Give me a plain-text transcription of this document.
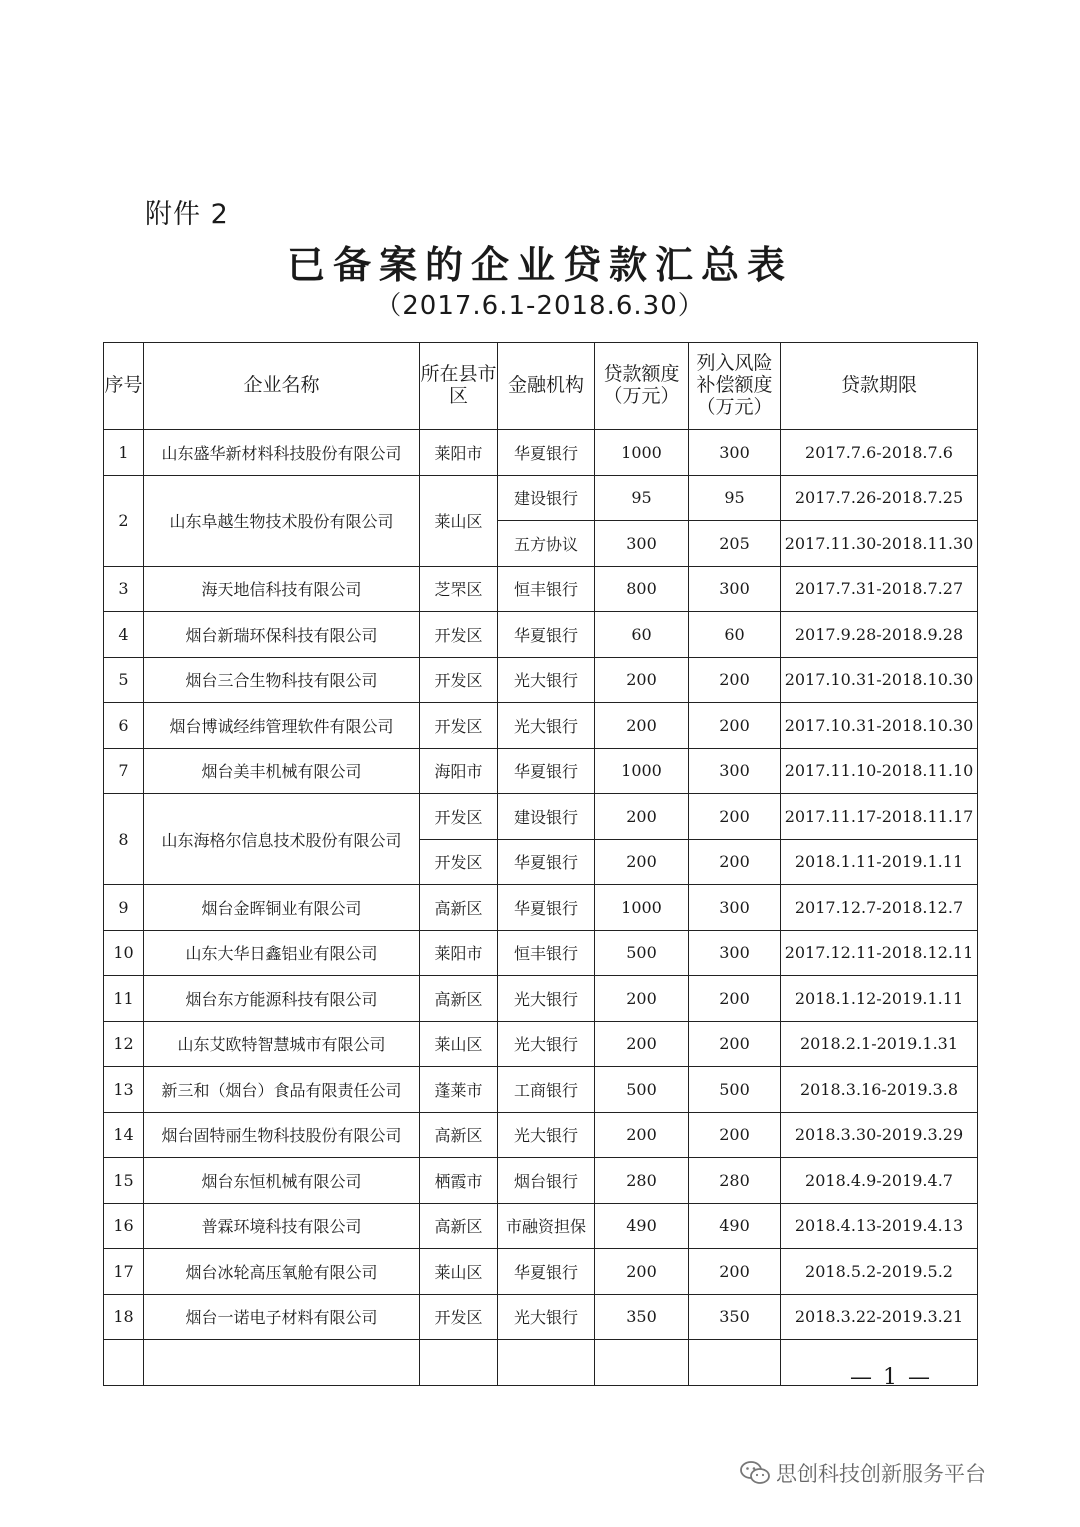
附件 2
已备案的企业贷款汇总表
（2017.6.1-2018.6.30）
序号	企业名称	所在县市区	金融机构	贷款额度（万元）	列入风险补偿额度（万元）	贷款期限
1	山东盛华新材料科技股份有限公司	莱阳市	华夏银行	1000	300	2017.7.6-2018.7.6
2	山东阜越生物技术股份有限公司	莱山区	建设银行	95	95	2017.7.26-2018.7.25
			五方协议	300	205	2017.11.30-2018.11.30
3	海天地信科技有限公司	芝罘区	恒丰银行	800	300	2017.7.31-2018.7.27
4	烟台新瑞环保科技有限公司	开发区	华夏银行	60	60	2017.9.28-2018.9.28
5	烟台三合生物科技有限公司	开发区	光大银行	200	200	2017.10.31-2018.10.30
6	烟台博诚经纬管理软件有限公司	开发区	光大银行	200	200	2017.10.31-2018.10.30
7	烟台美丰机械有限公司	海阳市	华夏银行	1000	300	2017.11.10-2018.11.10
8	山东海格尔信息技术股份有限公司	开发区	建设银行	200	200	2017.11.17-2018.11.17
		开发区	华夏银行	200	200	2018.1.11-2019.1.11
9	烟台金晖铜业有限公司	高新区	华夏银行	1000	300	2017.12.7-2018.12.7
10	山东大华日鑫铝业有限公司	莱阳市	恒丰银行	500	300	2017.12.11-2018.12.11
11	烟台东方能源科技有限公司	高新区	光大银行	200	200	2018.1.12-2019.1.11
12	山东艾欧特智慧城市有限公司	莱山区	光大银行	200	200	2018.2.1-2019.1.31
13	新三和（烟台）食品有限责任公司	蓬莱市	工商银行	500	500	2018.3.16-2019.3.8
14	烟台固特丽生物科技股份有限公司	高新区	光大银行	200	200	2018.3.30-2019.3.29
15	烟台东恒机械有限公司	栖霞市	烟台银行	280	280	2018.4.9-2019.4.7
16	普霖环境科技有限公司	高新区	市融资担保	490	490	2018.4.13-2019.4.13
17	烟台冰轮高压氧舱有限公司	莱山区	华夏银行	200	200	2018.5.2-2019.5.2
18	烟台一诺电子材料有限公司	开发区	光大银行	350	350	2018.3.22-2019.3.21

— 1 —
思创科技创新服务平台
